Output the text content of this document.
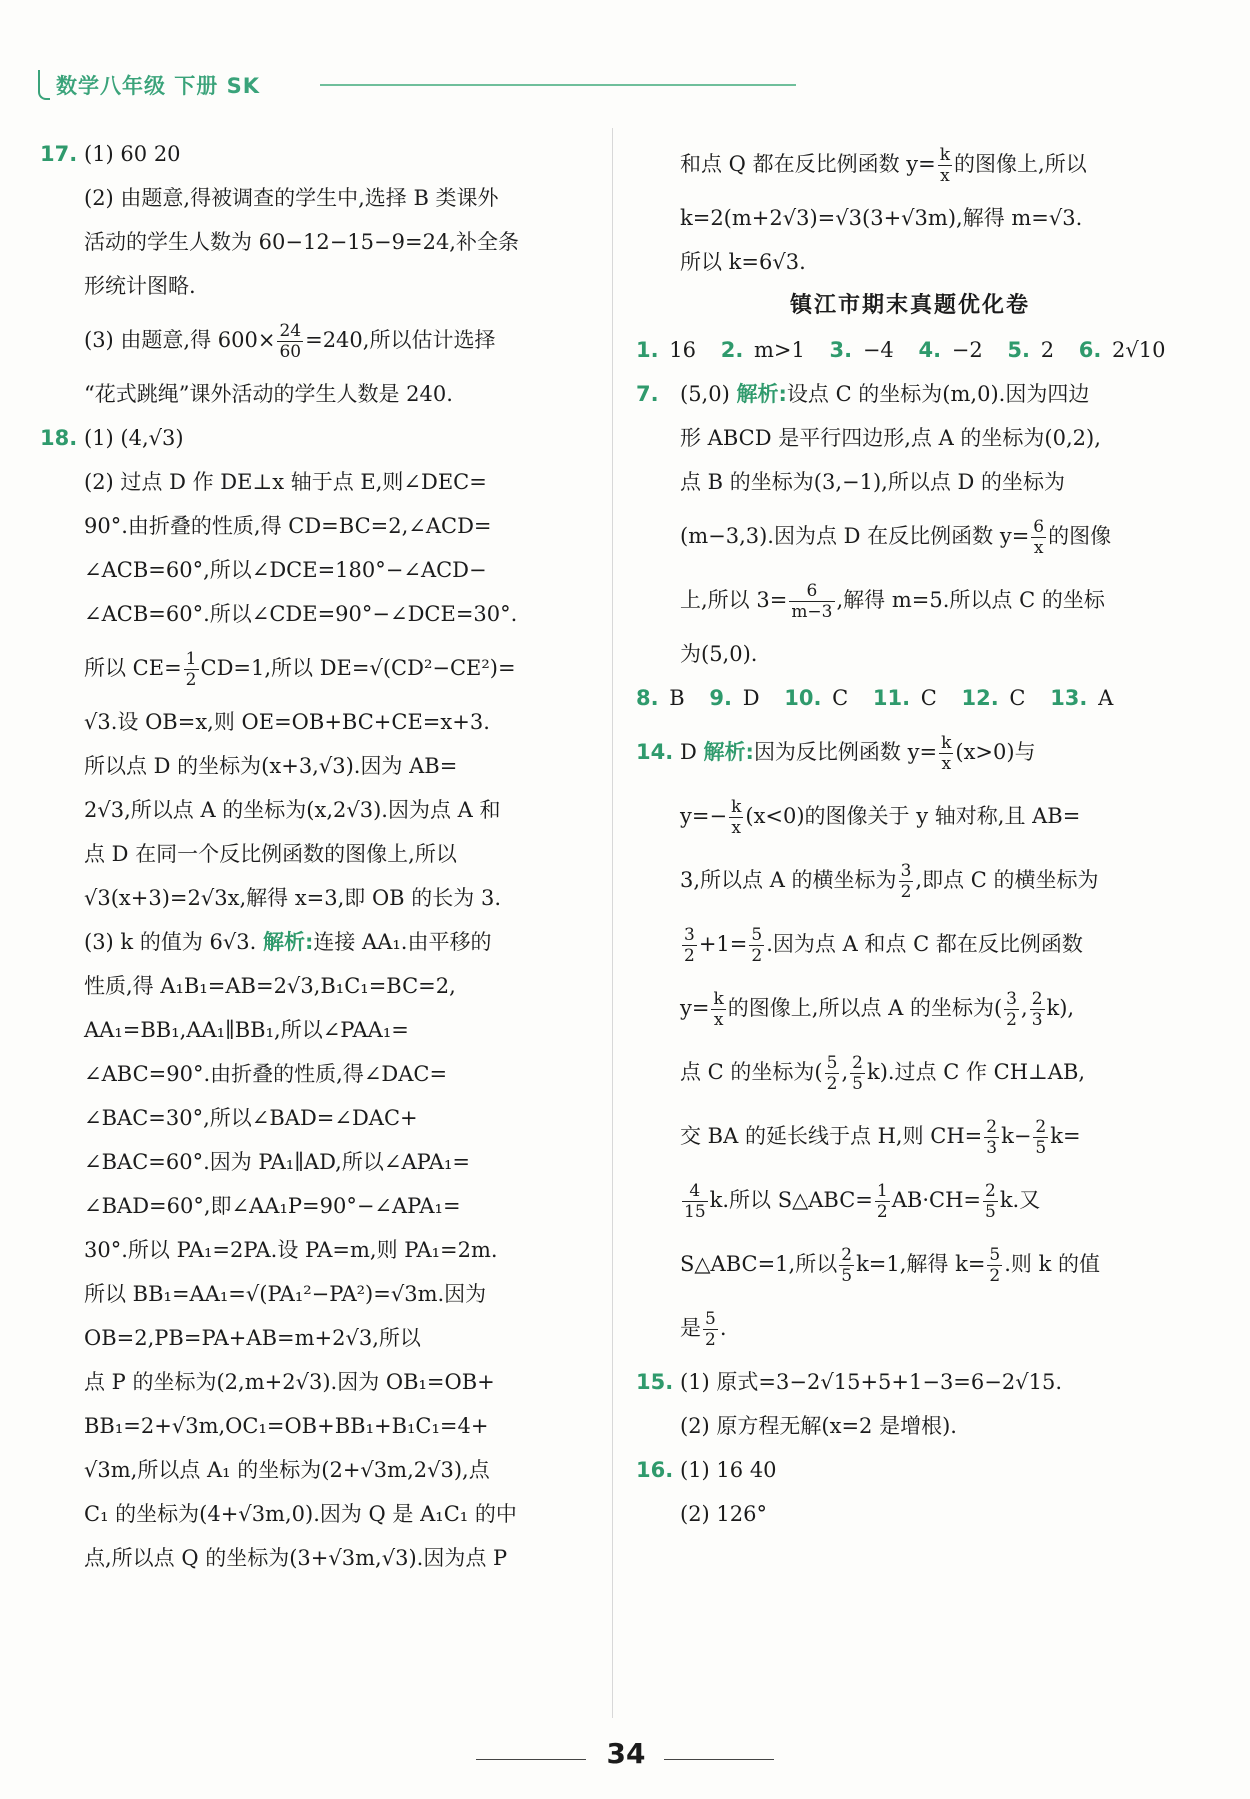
数学八年级 下册 SK
17. (1) 60 20
(2) 由题意,得被调查的学生中,选择 B 类课外
活动的学生人数为 60−12−15−9=24,补全条
形统计图略.
(3) 由题意,得 $600\times \frac{24}{60} =240$,所以估计选择
“花式跳绳”课外活动的学生人数是 240.
18. (1) (4,√3)
(2) 过点 D 作 DE⊥x 轴于点 E,则∠DEC=
90°.由折叠的性质,得 CD=BC=2,∠ACD=
∠ACB=60°,所以∠DCE=180°−∠ACD−
∠ACB=60°.所以∠CDE=90°−∠DCE=30°.
所以 $CE= \frac{1}{2} CD=1$,所以 DE=√(CD²−CE²)=
√3.设 OB=x,则 OE=OB+BC+CE=x+3.
所以点 D 的坐标为(x+3,√3).因为 AB=
2√3,所以点 A 的坐标为(x,2√3).因为点 A 和
点 D 在同一个反比例函数的图像上,所以
√3(x+3)=2√3x,解得 x=3,即 OB 的长为 3.
(3) k 的值为 6√3. 解析:连接 AA₁.由平移的
性质,得 A₁B₁=AB=2√3,B₁C₁=BC=2,
AA₁=BB₁,AA₁∥BB₁,所以∠PAA₁=
∠ABC=90°.由折叠的性质,得∠DAC=
∠BAC=30°,所以∠BAD=∠DAC+
∠BAC=60°.因为 PA₁∥AD,所以∠APA₁=
∠BAD=60°,即∠AA₁P=90°−∠APA₁=
30°.所以 PA₁=2PA.设 PA=m,则 PA₁=2m.
所以 BB₁=AA₁=√(PA₁²−PA²)=√3m.因为
OB=2,PB=PA+AB=m+2√3,所以
点 P 的坐标为(2,m+2√3).因为 OB₁=OB+
BB₁=2+√3m,OC₁=OB+BB₁+B₁C₁=4+
√3m,所以点 A₁ 的坐标为(2+√3m,2√3),点
C₁ 的坐标为(4+√3m,0).因为 Q 是 A₁C₁ 的中
点,所以点 Q 的坐标为(3+√3m,√3).因为点 P
和点 Q 都在反比例函数 $y= \frac{k}{x}$ 的图像上,所以
k=2(m+2√3)=√3(3+√3m),解得 m=√3.
所以 k=6√3.
镇江市期末真题优化卷
1. 16 2. m>1 3. −4 4. −2 5. 2 6. 2√10
7. (5,0) 解析:设点 C 的坐标为(m,0).因为四边
形 ABCD 是平行四边形,点 A 的坐标为(0,2),
点 B 的坐标为(3,−1),所以点 D 的坐标为
(m−3,3).因为点 D 在反比例函数 $y= \frac{6}{x}$ 的图像
上,所以 $3= \frac{6}{m-3}$ ,解得 m=5.所以点 C 的坐标
为(5,0).
8. B 9. D 10. C 11. C 12. C 13. A
14. D 解析:因为反比例函数 $y= \frac{k}{x} (x>0)$与
$y=- \frac{k}{x} (x<0)$的图像关于 y 轴对称,且 AB=
3,所以点 A 的横坐标为 $\frac{3}{2}$ ,即点 C 的横坐标为
$\frac{3}{2} +1= \frac{5}{2}$ .因为点 A 和点 C 都在反比例函数
$y= \frac{k}{x}$ 的图像上,所以点 A 的坐标为( $\frac{3}{2}$ , $\frac{2}{3} k$),
点 C 的坐标为( $\frac{5}{2}$ , $\frac{2}{5} k$).过点 C 作 CH⊥AB,
交 BA 的延长线于点 H,则 $CH= \frac{2}{3} k- \frac{2}{5} k=$
$\frac{4}{15} k$.所以 S△ABC= $\frac{1}{2} AB\cdot CH= \frac{2}{5} k$.又
S△ABC=1,所以 $\frac{2}{5} k=1$,解得 $k= \frac{5}{2}$ .则 k 的值
是 $\frac{5}{2}$ .
15. (1) 原式=3−2√15+5+1−3=6−2√15.
(2) 原方程无解(x=2 是增根).
16. (1) 16 40
(2) 126°
34
